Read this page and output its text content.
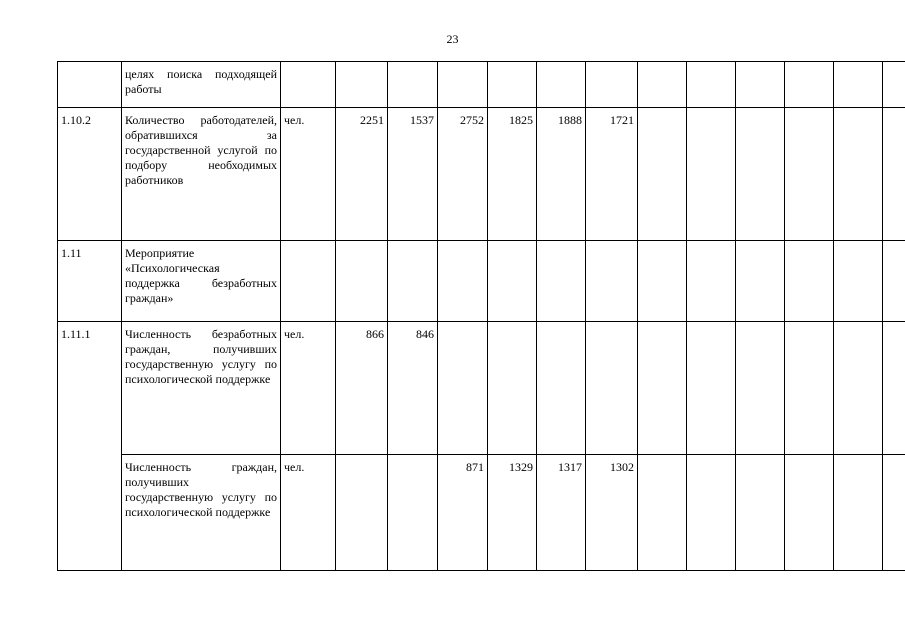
23
	целях поиска подходящей работы													
1.10.2	Количество работодателей, обратившихся за государственной услугой по подбору необходимых работников	чел.	2251	1537	2752	1825	1888	1721						
1.11	Мероприятие «Психологическая поддержка безработных граждан»													
1.11.1	Численность безработных граждан, получивших государственную услугу по психологической поддержке	чел.	866	846										
	Численность граждан, получивших государственную услугу по психологической поддержке	чел.			871	1329	1317	1302						
